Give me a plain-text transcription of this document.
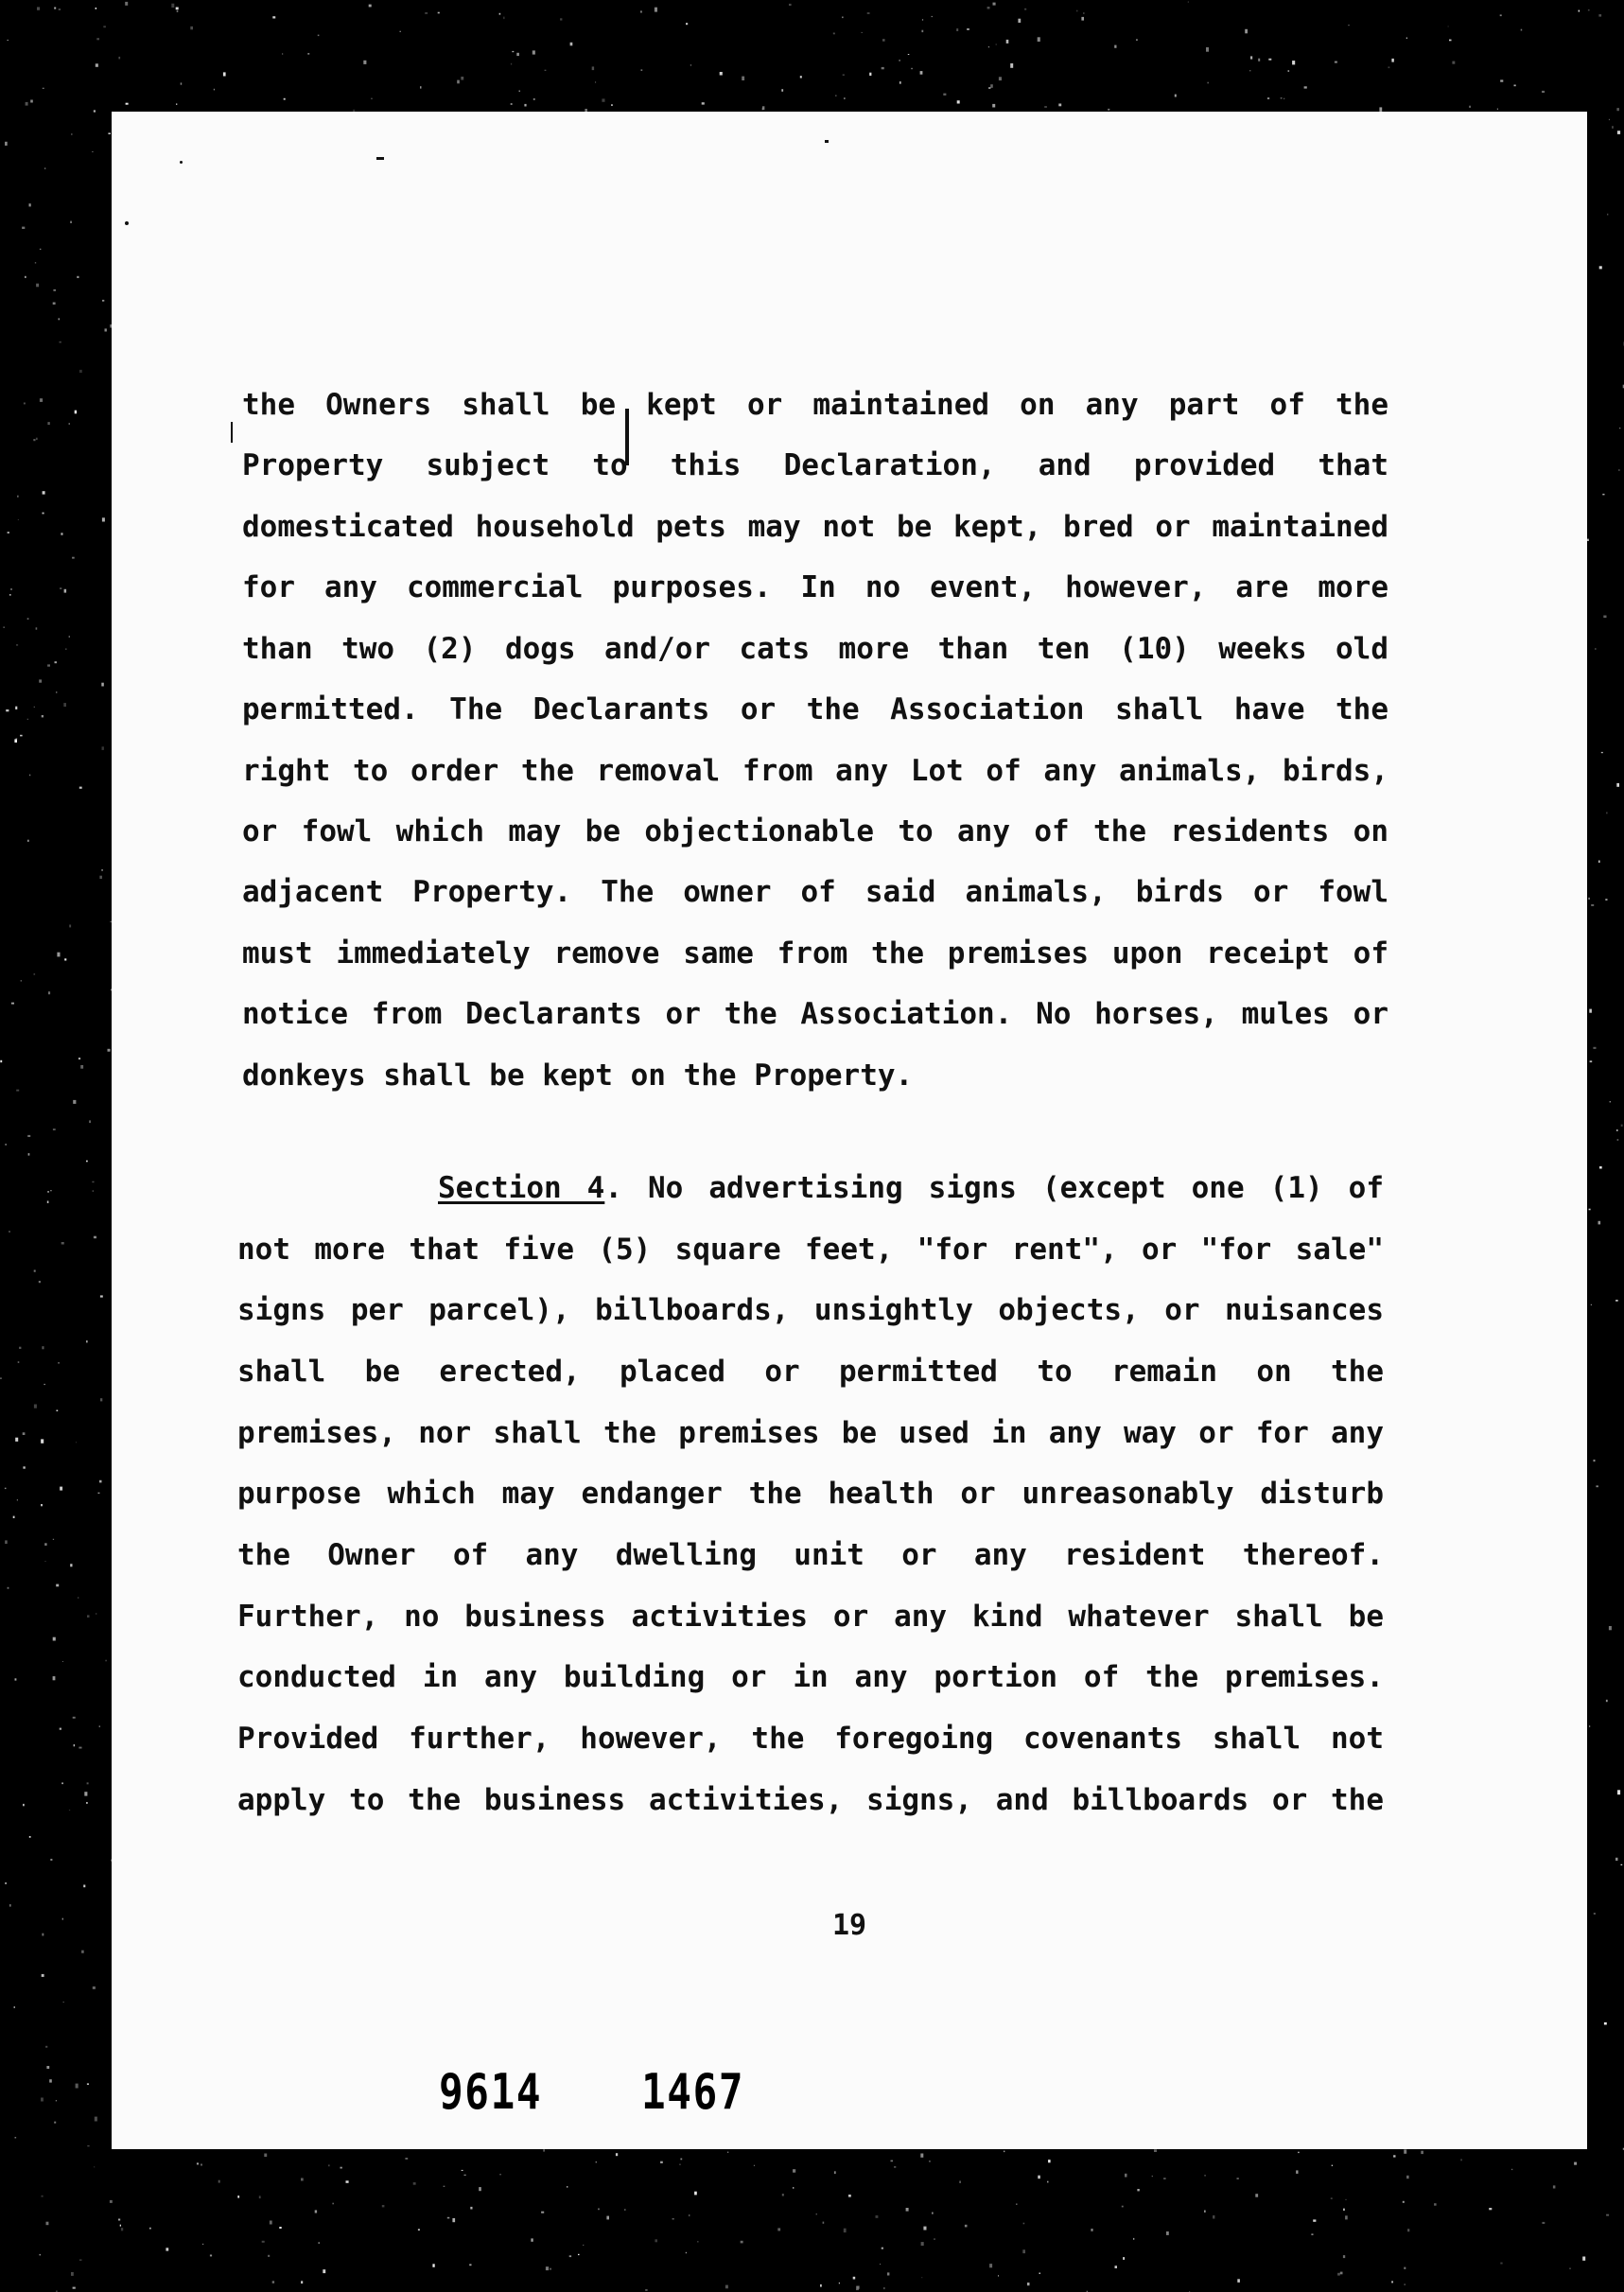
the Owners shall be kept or maintained on any part of the
Property subject to this Declaration, and provided that
domesticated household pets may not be kept, bred or maintained
for any commercial purposes. In no event, however, are more
than two (2) dogs and/or cats more than ten (10) weeks old
permitted. The Declarants or the Association shall have the
right to order the removal from any Lot of any animals, birds,
or fowl which may be objectionable to any of the residents on
adjacent Property. The owner of said animals, birds or fowl
must immediately remove same from the premises upon receipt of
notice from Declarants or the Association. No horses, mules or
donkeys shall be kept on the Property.
Section 4. No advertising signs (except one (1) of
not more that five (5) square feet, "for rent", or "for sale"
signs per parcel), billboards, unsightly objects, or nuisances
shall be erected, placed or permitted to remain on the
premises, nor shall the premises be used in any way or for any
purpose which may endanger the health or unreasonably disturb
the Owner of any dwelling unit or any resident thereof.
Further, no business activities or any kind whatever shall be
conducted in any building or in any portion of the premises.
Provided further, however, the foregoing covenants shall not
apply to the business activities, signs, and billboards or the
19
9614 1467
